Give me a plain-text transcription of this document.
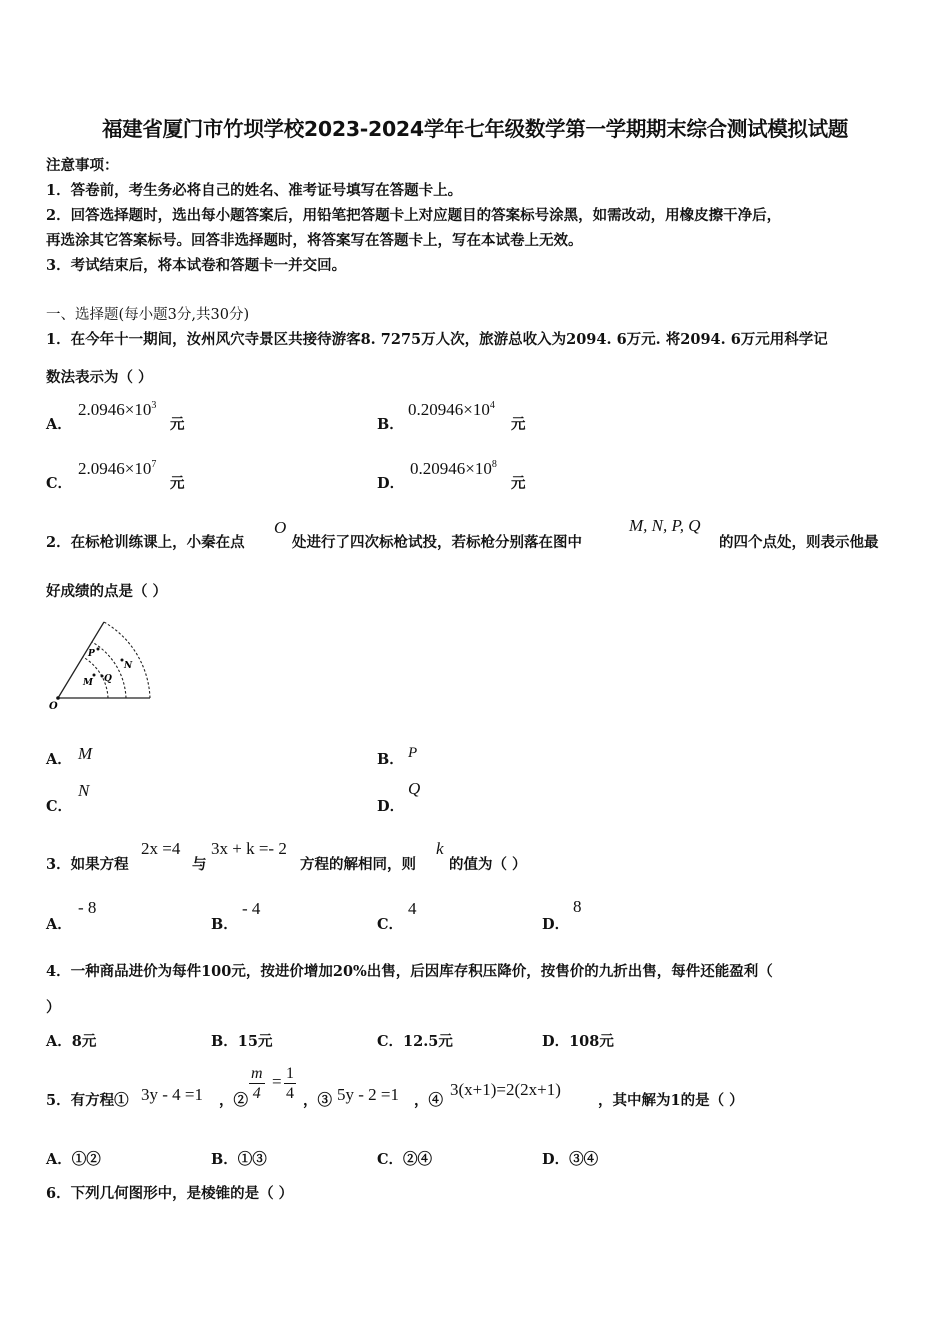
福建省厦门市竹坝学校2023-2024学年七年级数学第一学期期末综合测试模拟试题
注意事项：
1．答卷前，考生务必将自己的姓名、准考证号填写在答题卡上。
2．回答选择题时，选出每小题答案后，用铅笔把答题卡上对应题目的答案标号涂黑，如需改动，用橡皮擦干净后，
再选涂其它答案标号。回答非选择题时，将答案写在答题卡上，写在本试卷上无效。
3．考试结束后，将本试卷和答题卡一并交回。
一、选择题(每小题3分,共30分)
1．在今年十一期间，汝州风穴寺景区共接待游客8. 7275万人次，旅游总收入为2094. 6万元. 将2094. 6万元用科学记
数法表示为（ ）
A．
$2.0946\times 10^3$
元	B．
$0.20946\times 10^4$
元
C．
$2.0946\times 10^7$
元	D．
$0.20946\times 10^8$
元
2．在标枪训练课上，小秦在点
O
处进行了四次标枪试投，若标枪分别落在图中
M, N, P, Q
的四个点处，则表示他最
好成绩的点是（ ）
O
P
N
M Q
A． M	B． P
C．
N
D．
Q
3．如果方程
2x =4
与
3x + k =- 2
方程的解相同，则
k
的值为（ ）
A．
- 8
B．
- 4
C．
4
D．
8
4．一种商品进价为每件100元，按进价增加20%出售，后因库存积压降价，按售价的九折出售，每件还能盈利（
）
A．8元	B．15元	C．12.5元	D．108元
5．有方程① 3y - 4 =1 ，② $\frac{m}{4} = \frac{1}{4}$ ，③ 5y - 2 =1 ，④
3(x+1)=2(2x+1)
，其中解为1的是（ ）
A．①②	B．①③	C．②④	D．③④
6．下列几何图形中，是棱锥的是（ ）
